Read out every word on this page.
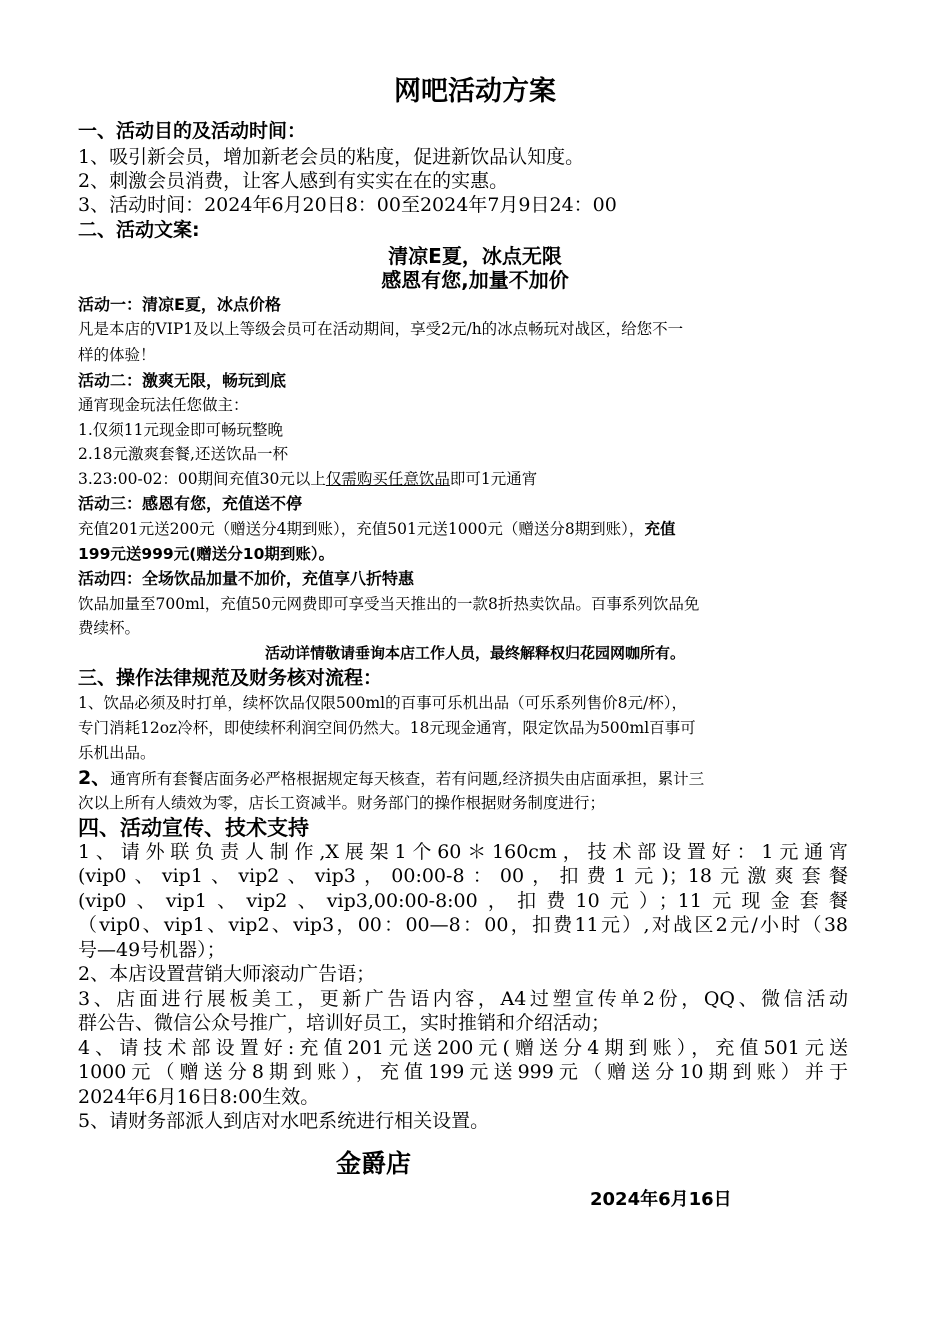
网吧活动方案
一、活动目的及活动时间：
1、吸引新会员，增加新老会员的粘度，促进新饮品认知度。
2、刺激会员消费，让客人感到有实实在在的实惠。
3、活动时间：2024年6月20日8：00至2024年7月9日24：00
二、活动文案:
清凉E夏，冰点无限
感恩有您,加量不加价
活动一：清凉E夏，冰点价格
凡是本店的VIP1及以上等级会员可在活动期间，享受2元/h的冰点畅玩对战区，给您不一
样的体验！
活动二：激爽无限，畅玩到底
通宵现金玩法任您做主：
1.仅须11元现金即可畅玩整晚
2.18元激爽套餐,还送饮品一杯
3.23:00-02：00期间充值30元以上仅需购买任意饮品即可1元通宵
活动三：感恩有您，充值送不停
充值201元送200元（赠送分4期到账），充值501元送1000元（赠送分8期到账），充值
199元送999元(赠送分10期到账）。
活动四：全场饮品加量不加价，充值享八折特惠
饮品加量至700ml，充值50元网费即可享受当天推出的一款8折热卖饮品。百事系列饮品免
费续杯。
活动详情敬请垂询本店工作人员，最终解释权归花园网咖所有。
三、操作法律规范及财务核对流程：
1、饮品必须及时打单，续杯饮品仅限500ml的百事可乐机出品（可乐系列售价8元/杯），
专门消耗12oz冷杯，即使续杯利润空间仍然大。18元现金通宵，限定饮品为500ml百事可
乐机出品。
2、通宵所有套餐店面务必严格根据规定每天核查，若有问题,经济损失由店面承担，累计三
次以上所有人绩效为零，店长工资减半。财务部门的操作根据财务制度进行；
四、活动宣传、技术支持
1、请外联负责人制作,X展架1个60＊160cm，技术部设置好：1元通宵
(vip0、vip1、vip2、vip3，00:00-8：00，扣费1元)；18元激爽套餐
(vip0、vip1、vip2、vip3,00:00-8:00，扣费10元）；11元现金套餐
（vip0、vip1、vip2、vip3，00：00—8：00，扣费11元）,对战区2元/小时（38
号—49号机器）；
2、本店设置营销大师滚动广告语；
3、店面进行展板美工，更新广告语内容，A4过塑宣传单2份，QQ、微信活动
群公告、微信公众号推广，培训好员工，实时推销和介绍活动；
4、请技术部设置好:充值201元送200元(赠送分4期到账），充值501元送
1000元（赠送分8期到账），充值199元送999元（赠送分10期到账）并于
2024年6月16日8:00生效。
5、请财务部派人到店对水吧系统进行相关设置。
金爵店
2024年6月16日
